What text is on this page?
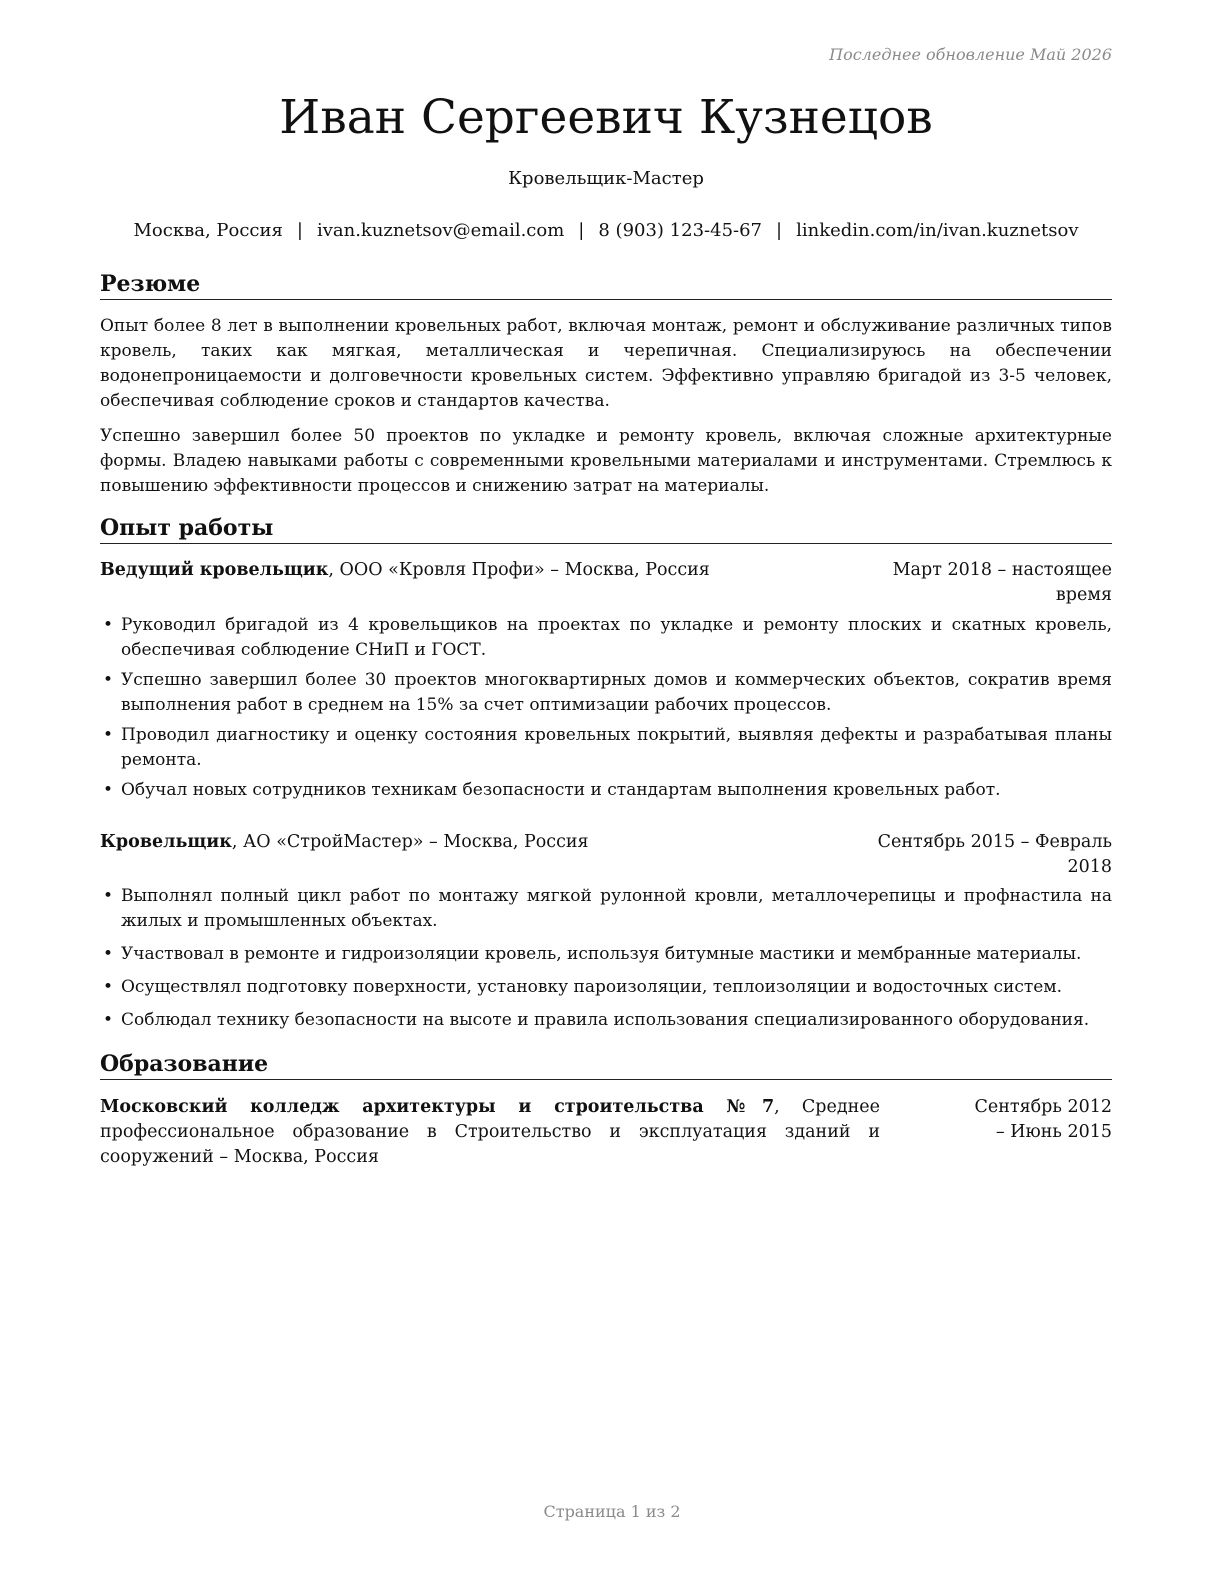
Последнее обновление Май 2026
Иван Сергеевич Кузнецов
Кровельщик-Мастер
Москва, Россия | ivan.kuznetsov@email.com | 8 (903) 123-45-67 | linkedin.com/in/ivan.kuznetsov
Резюме

Опыт более 8 лет в выполнении кровельных работ, включая монтаж, ремонт и обслуживание различных типов кровель, таких как мягкая, металлическая и черепичная. Специализируюсь на обеспечении водонепроницаемости и долговечности кровельных систем. Эффективно управляю бригадой из 3-5 человек, обеспечивая соблюдение сроков и стандартов качества.

Успешно завершил более 50 проектов по укладке и ремонту кровель, включая сложные архитектурные формы. Владею навыками работы с современными кровельными материалами и инструментами. Стремлюсь к повышению эффективности процессов и снижению затрат на материалы.

Опыт работы
Ведущий кровельщик, ООО «Кровля Профи» – Москва, Россия	Март 2018 – настоящее время
• Руководил бригадой из 4 кровельщиков на проектах по укладке и ремонту плоских и скатных кровель, обеспечивая соблюдение СНиП и ГОСТ.
• Успешно завершил более 30 проектов многоквартирных домов и коммерческих объектов, сократив время выполнения работ в среднем на 15% за счет оптимизации рабочих процессов.
• Проводил диагностику и оценку состояния кровельных покрытий, выявляя дефекты и разрабатывая планы ремонта.
• Обучал новых сотрудников техникам безопасности и стандартам выполнения кровельных работ.
Кровельщик, АО «СтройМастер» – Москва, Россия	Сентябрь 2015 – Февраль 2018
• Выполнял полный цикл работ по монтажу мягкой рулонной кровли, металлочерепицы и профнастила на жилых и промышленных объектах.
• Участвовал в ремонте и гидроизоляции кровель, используя битумные мастики и мембранные материалы.
• Осуществлял подготовку поверхности, установку пароизоляции, теплоизоляции и водосточных систем.
• Соблюдал технику безопасности на высоте и правила использования специализированного оборудования.
Образование
Московский колледж архитектуры и строительства №7, Среднее профессиональное образование в Строительство и эксплуатация зданий и сооружений – Москва, Россия
Сентябрь 2012 – Июнь 2015
Страница 1 из 2
